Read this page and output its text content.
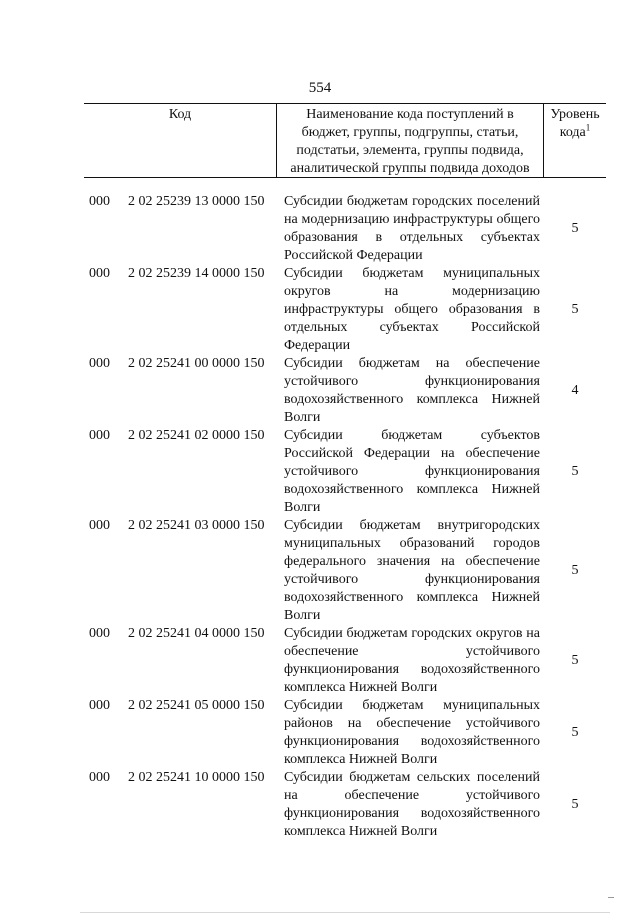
554
Код	Наименование кода поступлений в
бюджет, группы, подгруппы, статьи,
подстатьи, элемента, группы подвида,
аналитической группы подвида доходов
Уровень
кода$^1$
000 2 02 25239 13 0000 150 Субсидии бюджетам городских поселений на модернизацию инфраструктуры общего образования в отдельных субъектах Российской Федерации
5
000 2 02 25239 14 0000 150 Субсидии бюджетам муниципальных округов на модернизацию инфраструктуры общего образования в отдельных субъектах Российской Федерации
5
000 2 02 25241 00 0000 150 Субсидии бюджетам на обеспечение устойчивого функционирования водохозяйственного комплекса Нижней Волги
4
000 2 02 25241 02 0000 150 Субсидии бюджетам субъектов Российской Федерации на обеспечение устойчивого функционирования водохозяйственного комплекса Нижней Волги
5
000 2 02 25241 03 0000 150 Субсидии бюджетам внутригородских муниципальных образований городов федерального значения на обеспечение устойчивого функционирования водохозяйственного комплекса Нижней Волги
5
000 2 02 25241 04 0000 150 Субсидии бюджетам городских округов на обеспечение устойчивого функционирования водохозяйственного комплекса Нижней Волги
5
000 2 02 25241 05 0000 150 Субсидии бюджетам муниципальных районов на обеспечение устойчивого функционирования водохозяйственного комплекса Нижней Волги
5
000 2 02 25241 10 0000 150 Субсидии бюджетам сельских поселений на обеспечение устойчивого функционирования водохозяйственного комплекса Нижней Волги
5
